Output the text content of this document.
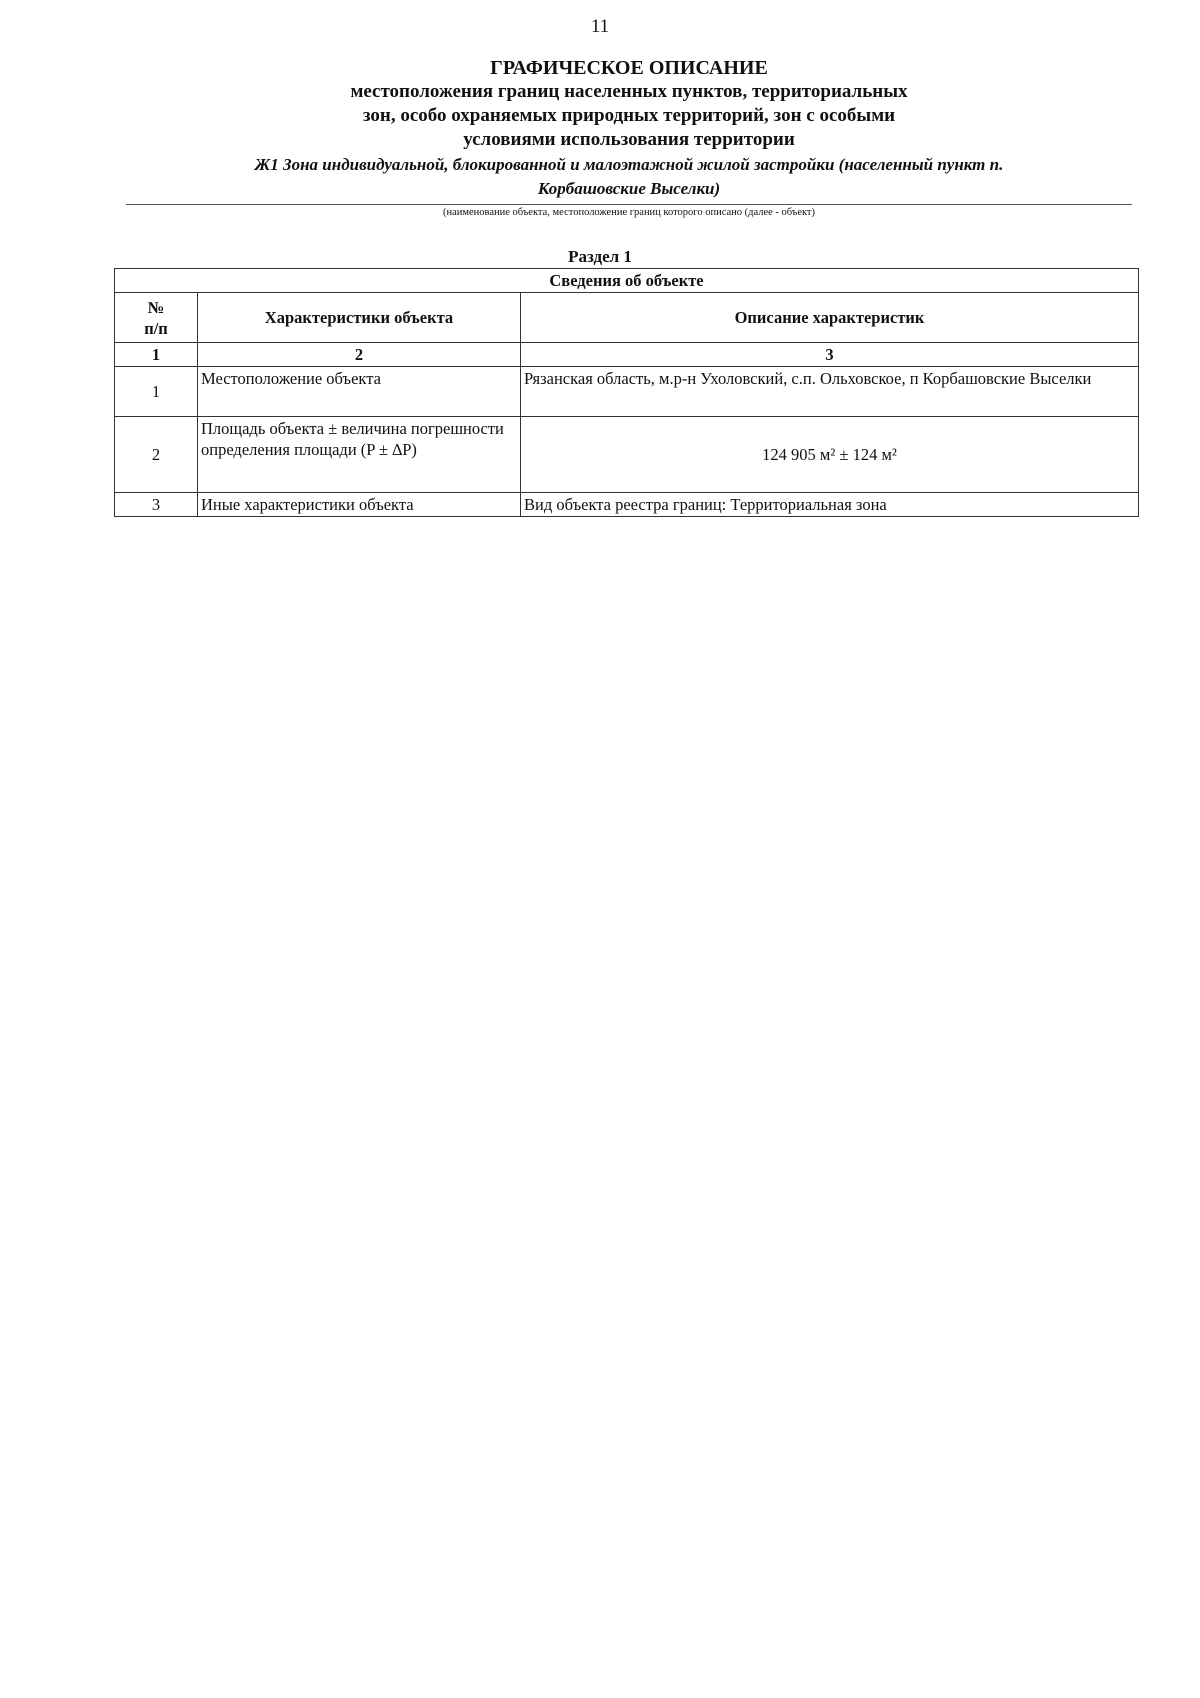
11
ГРАФИЧЕСКОЕ ОПИСАНИЕ
местоположения границ населенных пунктов, территориальных
зон, особо охраняемых природных территорий, зон с особыми
условиями использования территории
Ж1 Зона индивидуальной, блокированной и малоэтажной жилой застройки (населенный пункт п.
Корбашовские Выселки)
(наименование объекта, местоположение границ которого описано (далее - объект)
Раздел 1
Сведения об объекте		

№
п/п	Характеристики объекта	Описание характеристик
1	2	3
1	Местоположение объекта	Рязанская область, м.р-н Ухоловский, с.п. Ольховское, п Корбашовские Выселки
2	Площадь объекта ± величина погрешности определения площади (P ± ∆P)	124 905 м² ± 124 м²
3	Иные характеристики объекта	Вид объекта реестра границ: Территориальная зона
